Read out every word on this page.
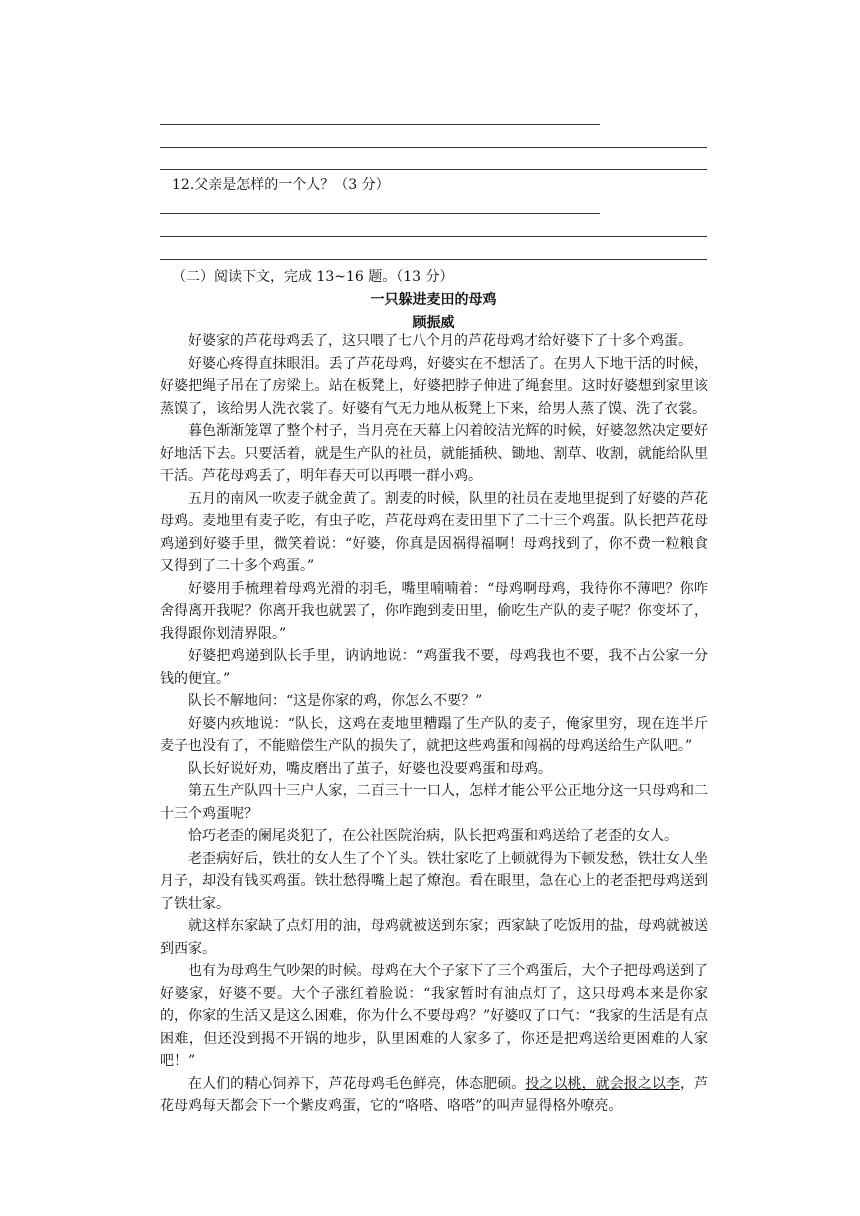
12.父亲是怎样的一个人？（3 分）
（二）阅读下文，完成 13~16 题。（13 分）
一只躲进麦田的母鸡
顾振威

好婆家的芦花母鸡丢了，这只喂了七八个月的芦花母鸡才给好婆下了十多个鸡蛋。

好婆心疼得直抹眼泪。丢了芦花母鸡，好婆实在不想活了。在男人下地干活的时候，好婆把绳子吊在了房梁上。站在板凳上，好婆把脖子伸进了绳套里。这时好婆想到家里该蒸馍了，该给男人洗衣裳了。好婆有气无力地从板凳上下来，给男人蒸了馍、洗了衣裳。

暮色渐渐笼罩了整个村子，当月亮在天幕上闪着皎洁光辉的时候，好婆忽然决定要好好地活下去。只要活着，就是生产队的社员，就能插秧、锄地、割草、收割，就能给队里干活。芦花母鸡丢了，明年春天可以再喂一群小鸡。

五月的南风一吹麦子就金黄了。割麦的时候，队里的社员在麦地里捉到了好婆的芦花母鸡。麦地里有麦子吃，有虫子吃，芦花母鸡在麦田里下了二十三个鸡蛋。队长把芦花母鸡递到好婆手里，微笑着说：“好婆，你真是因祸得福啊！母鸡找到了，你不费一粒粮食又得到了二十多个鸡蛋。”

好婆用手梳理着母鸡光滑的羽毛，嘴里喃喃着：“母鸡啊母鸡，我待你不薄吧？你咋舍得离开我呢？你离开我也就罢了，你咋跑到麦田里，偷吃生产队的麦子呢？你变坏了，我得跟你划清界限。”

好婆把鸡递到队长手里，讷讷地说：“鸡蛋我不要，母鸡我也不要，我不占公家一分钱的便宜。”

队长不解地问：“这是你家的鸡，你怎么不要？”

好婆内疚地说：“队长，这鸡在麦地里糟蹋了生产队的麦子，俺家里穷，现在连半斤麦子也没有了，不能赔偿生产队的损失了，就把这些鸡蛋和闯祸的母鸡送给生产队吧。”

队长好说好劝，嘴皮磨出了茧子，好婆也没要鸡蛋和母鸡。

第五生产队四十三户人家，二百三十一口人，怎样才能公平公正地分这一只母鸡和二十三个鸡蛋呢？

恰巧老歪的阑尾炎犯了，在公社医院治病，队长把鸡蛋和鸡送给了老歪的女人。

老歪病好后，铁壮的女人生了个丫头。铁壮家吃了上顿就得为下顿发愁，铁壮女人坐月子，却没有钱买鸡蛋。铁壮愁得嘴上起了燎泡。看在眼里，急在心上的老歪把母鸡送到了铁壮家。

就这样东家缺了点灯用的油，母鸡就被送到东家；西家缺了吃饭用的盐，母鸡就被送到西家。

也有为母鸡生气吵架的时候。母鸡在大个子家下了三个鸡蛋后，大个子把母鸡送到了好婆家，好婆不要。大个子涨红着脸说：“我家暂时有油点灯了，这只母鸡本来是你家的，你家的生活又是这么困难，你为什么不要母鸡？”好婆叹了口气：“我家的生活是有点困难，但还没到揭不开锅的地步，队里困难的人家多了，你还是把鸡送给更困难的人家吧！”

在人们的精心饲养下，芦花母鸡毛色鲜亮，体态肥硕。投之以桃，就会报之以李，芦花母鸡每天都会下一个紫皮鸡蛋，它的“咯嗒、咯嗒”的叫声显得格外嘹亮。
